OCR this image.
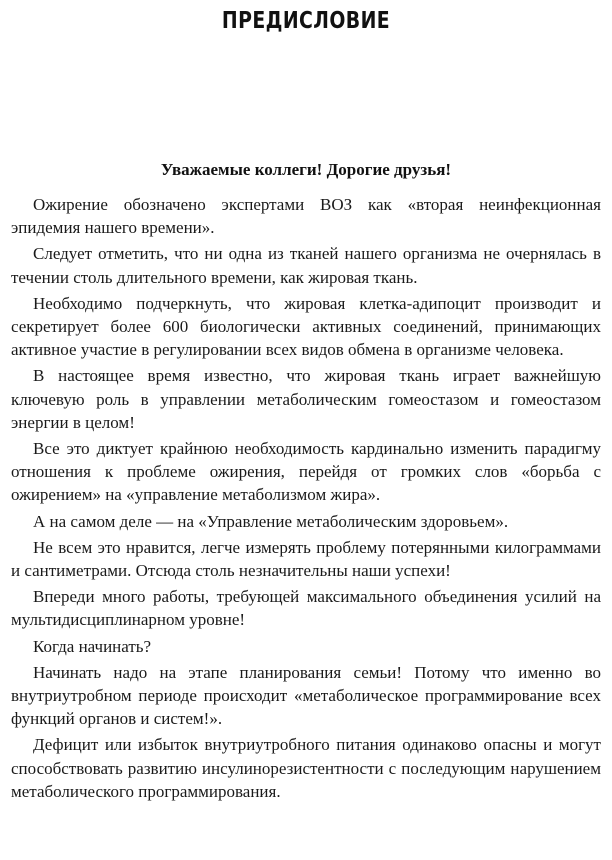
ПРЕДИСЛОВИЕ
Уважаемые коллеги! Дорогие друзья!

Ожирение обозначено экспертами ВОЗ как «вторая неинфекционная эпидемия нашего времени».

Следует отметить, что ни одна из тканей нашего организма не очернялась в течении столь длительного времени, как жировая ткань.

Необходимо подчеркнуть, что жировая клетка-адипоцит производит и секретирует более 600 биологически активных соединений, принимающих активное участие в регулировании всех видов обмена в организме человека.

В настоящее время известно, что жировая ткань играет важнейшую ключевую роль в управлении метаболическим гомеостазом и гомеостазом энергии в целом!

Все это диктует крайнюю необходимость кардинально изменить парадигму отношения к проблеме ожирения, перейдя от громких слов «борьба с ожирением» на «управление метаболизмом жира».

А на самом деле — на «Управление метаболическим здоровьем».

Не всем это нравится, легче измерять проблему потерянными килограммами и сантиметрами. Отсюда столь незначительны наши успехи!

Впереди много работы, требующей максимального объединения усилий на мультидисциплинарном уровне!

Когда начинать?

Начинать надо на этапе планирования семьи! Потому что именно во внутриутробном периоде происходит «метаболическое программирование всех функций органов и систем!».

Дефицит или избыток внутриутробного питания одинаково опасны и могут способствовать развитию инсулинорезистентности с последующим нарушением метаболического программирования.
